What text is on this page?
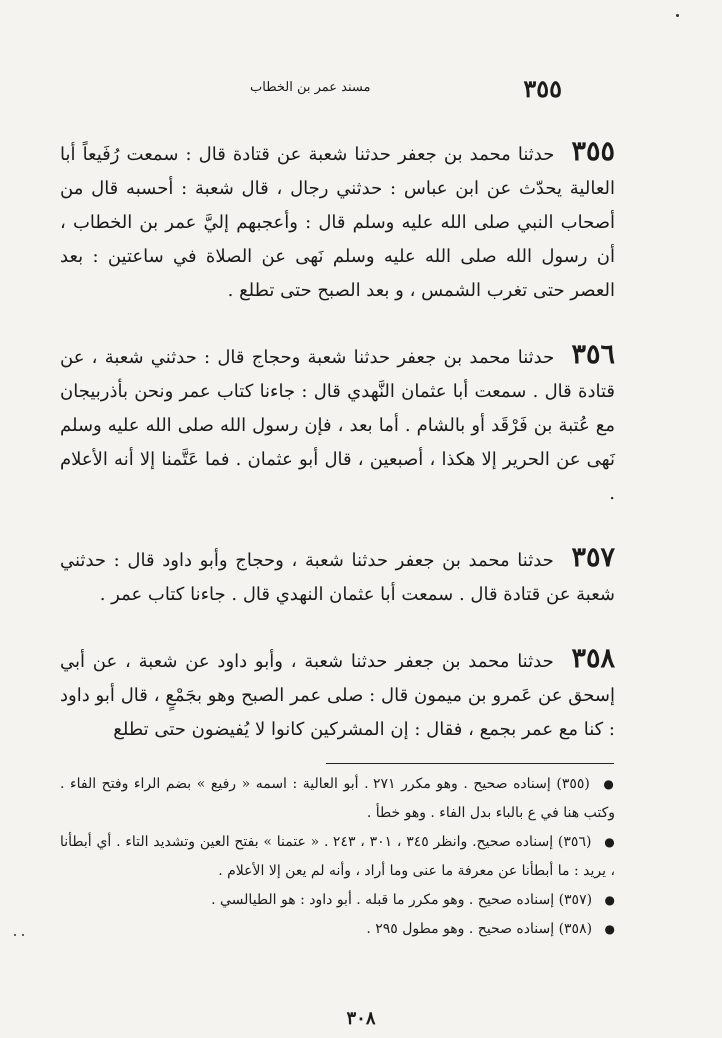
٣٥٥
مسند عمر بن الخطاب

٣٥٥ حدثنا محمد بن جعفر حدثنا شعبة عن قتادة قال : سمعت رُفَيعاً أبا العالية يحدّث عن ابن عباس : حدثني رجال ، قال شعبة : أحسبه قال من أصحاب النبي صلى الله عليه وسلم قال : وأعجبهم إليَّ عمر بن الخطاب ، أن رسول الله صلى الله عليه وسلم نَهى عن الصلاة في ساعتين : بعد العصر حتى تغرب الشمس ، و بعد الصبح حتى تطلع .

٣٥٦ حدثنا محمد بن جعفر حدثنا شعبة وحجاج قال : حدثني شعبة ، عن قتادة قال . سمعت أبا عثمان النَّهدي قال : جاءنا كتاب عمر ونحن بأذربيجان مع عُتبة بن فَرْقَد أو بالشام . أما بعد ، فإن رسول الله صلى الله عليه وسلم نَهى عن الحرير إلا هكذا ، أصبعين ، قال أبو عثمان . فما عَتَّمنا إلا أنه الأعلام .

٣٥٧ حدثنا محمد بن جعفر حدثنا شعبة ، وحجاج وأبو داود قال : حدثني شعبة عن قتادة قال . سمعت أبا عثمان النهدي قال . جاءنا كتاب عمر .

٣٥٨ حدثنا محمد بن جعفر حدثنا شعبة ، وأبو داود عن شعبة ، عن أبي إسحق عن عَمرو بن ميمون قال : صلى عمر الصبح وهو بجَمْعٍ ، قال أبو داود : كنا مع عمر بجمع ، فقال : إن المشركين كانوا لا يُفيضون حتى تطلع

● (٣٥٥) إسناده صحيح . وهو مكرر ٢٧١ . أبو العالية : اسمه « رفيع » بضم الراء وفتح الفاء . وكتب هنا في ع بالباء بدل الفاء . وهو خطأ .

● (٣٥٦) إسناده صحيح. وانظر ٣٤٥ ، ٣٠١ ، ٢٤٣ . « عتمنا » بفتح العين وتشديد التاء . أي أبطأنا ، يريد : ما أبطأنا عن معرفة ما عنى وما أراد ، وأنه لم يعن إلا الأعلام .

● (٣٥٧) إسناده صحيح . وهو مكرر ما قبله . أبو داود : هو الطيالسي .

● (٣٥٨) إسناده صحيح . وهو مطول ٢٩٥ .

٣٠٨
